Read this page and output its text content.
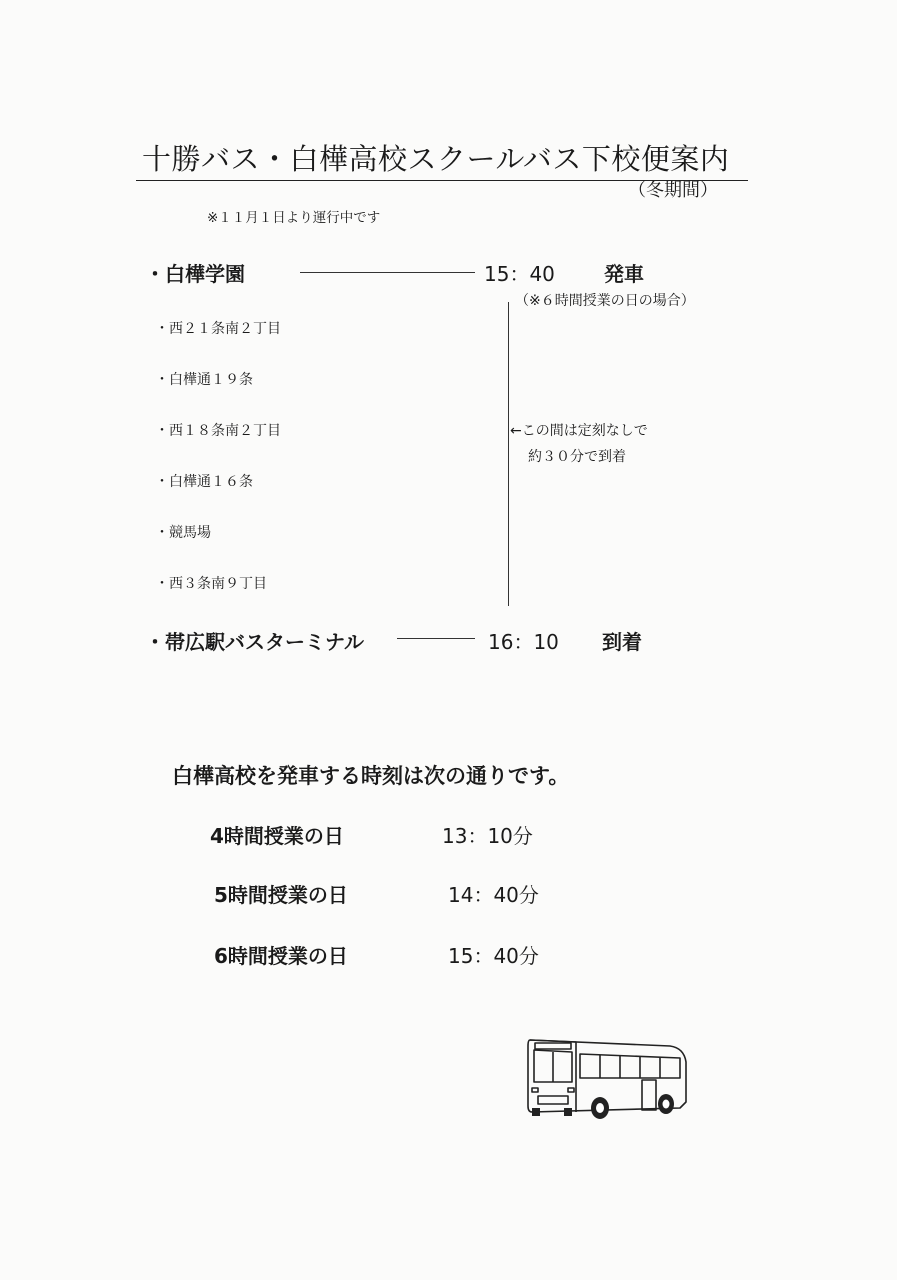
十勝バス・白樺高校スクールバス下校便案内
（冬期間）
※１１月１日より運行中です
・白樺学園	15：40 発車
（※６時間授業の日の場合）
・西２１条南２丁目
・白樺通１９条
・西１８条南２丁目
・白樺通１６条
・競馬場
・西３条南９丁目
←この間は定刻なしで
約３０分で到着
・帯広駅バスターミナル	16：10 到着
白樺高校を発車する時刻は次の通りです。
4時間授業の日	13：10分
5時間授業の日	14：40分
6時間授業の日	15：40分
